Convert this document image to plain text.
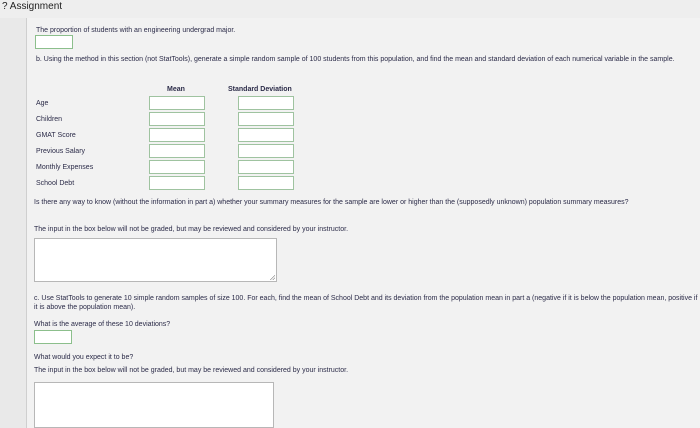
? Assignment
The proportion of students with an engineering undergrad major.
b. Using the method in this section (not StatTools), generate a simple random sample of 100 students from this population, and find the mean and standard deviation of each numerical variable in the sample.
Mean	Standard Deviation
Age
Children
GMAT Score
Previous Salary
Monthly Expenses
School Debt
Is there any way to know (without the information in part a) whether your summary measures for the sample are lower or higher than the (supposedly unknown) population summary measures?
The input in the box below will not be graded, but may be reviewed and considered by your instructor.
c. Use StatTools to generate 10 simple random samples of size 100. For each, find the mean of School Debt and its deviation from the population mean in part a (negative if it is below the population mean, positive if it is above the population mean).
What is the average of these 10 deviations?
What would you expect it to be?
The input in the box below will not be graded, but may be reviewed and considered by your instructor.
